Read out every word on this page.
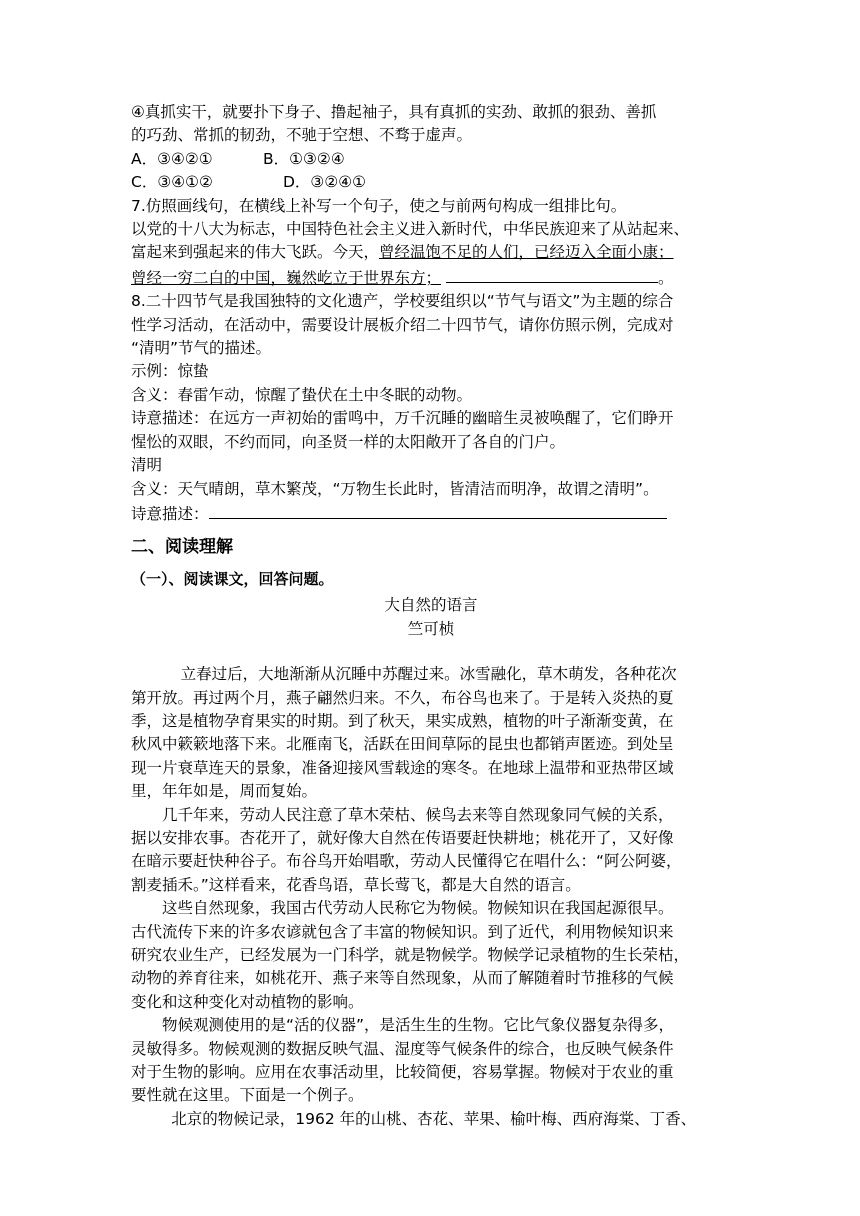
④真抓实干，就要扑下身子、撸起袖子，具有真抓的实劲、敢抓的狠劲、善抓
的巧劲、常抓的韧劲，不驰于空想、不骛于虚声。
A．③④②①	B．①③②④
C．③④①②	D．③②④①
7.仿照画线句，在横线上补写一个句子，使之与前两句构成一组排比句。
以党的十八大为标志，中国特色社会主义进入新时代，中华民族迎来了从站起来、
富起来到强起来的伟大飞跃。今天，曾经温饱不足的人们，已经迈入全面小康；
曾经一穷二白的中国，巍然屹立于世界东方；	。
8.二十四节气是我国独特的文化遗产，学校要组织以“节气与语文”为主题的综合
性学习活动，在活动中，需要设计展板介绍二十四节气，请你仿照示例，完成对
“清明”节气的描述。
示例：惊蛰
含义：春雷乍动，惊醒了蛰伏在土中冬眠的动物。
诗意描述：在远方一声初始的雷鸣中，万千沉睡的幽暗生灵被唤醒了，它们睁开
惺忪的双眼，不约而同，向圣贤一样的太阳敞开了各自的门户。
清明
含义：天气晴朗，草木繁茂，“万物生长此时，皆清洁而明净，故谓之清明”。
诗意描述：
二、阅读理解
（一）、阅读课文，回答问题。
大自然的语言
竺可桢
立春过后，大地渐渐从沉睡中苏醒过来。冰雪融化，草木萌发，各种花次
第开放。再过两个月，燕子翩然归来。不久，布谷鸟也来了。于是转入炎热的夏
季，这是植物孕育果实的时期。到了秋天，果实成熟，植物的叶子渐渐变黄，在
秋风中簌簌地落下来。北雁南飞，活跃在田间草际的昆虫也都销声匿迹。到处呈
现一片衰草连天的景象，准备迎接风雪载途的寒冬。在地球上温带和亚热带区域
里，年年如是，周而复始。
几千年来，劳动人民注意了草木荣枯、候鸟去来等自然现象同气候的关系，
据以安排农事。杏花开了，就好像大自然在传语要赶快耕地；桃花开了，又好像
在暗示要赶快种谷子。布谷鸟开始唱歌，劳动人民懂得它在唱什么：“阿公阿婆，
割麦插禾。”这样看来，花香鸟语，草长莺飞，都是大自然的语言。
这些自然现象，我国古代劳动人民称它为物候。物候知识在我国起源很早。
古代流传下来的许多农谚就包含了丰富的物候知识。到了近代，利用物候知识来
研究农业生产，已经发展为一门科学，就是物候学。物候学记录植物的生长荣枯，
动物的养育往来，如桃花开、燕子来等自然现象，从而了解随着时节推移的气候
变化和这种变化对动植物的影响。
物候观测使用的是“活的仪器”，是活生生的生物。它比气象仪器复杂得多，
灵敏得多。物候观测的数据反映气温、湿度等气候条件的综合，也反映气候条件
对于生物的影响。应用在农事活动里，比较简便，容易掌握。物候对于农业的重
要性就在这里。下面是一个例子。
北京的物候记录，1962 年的山桃、杏花、苹果、榆叶梅、西府海棠、丁香、
